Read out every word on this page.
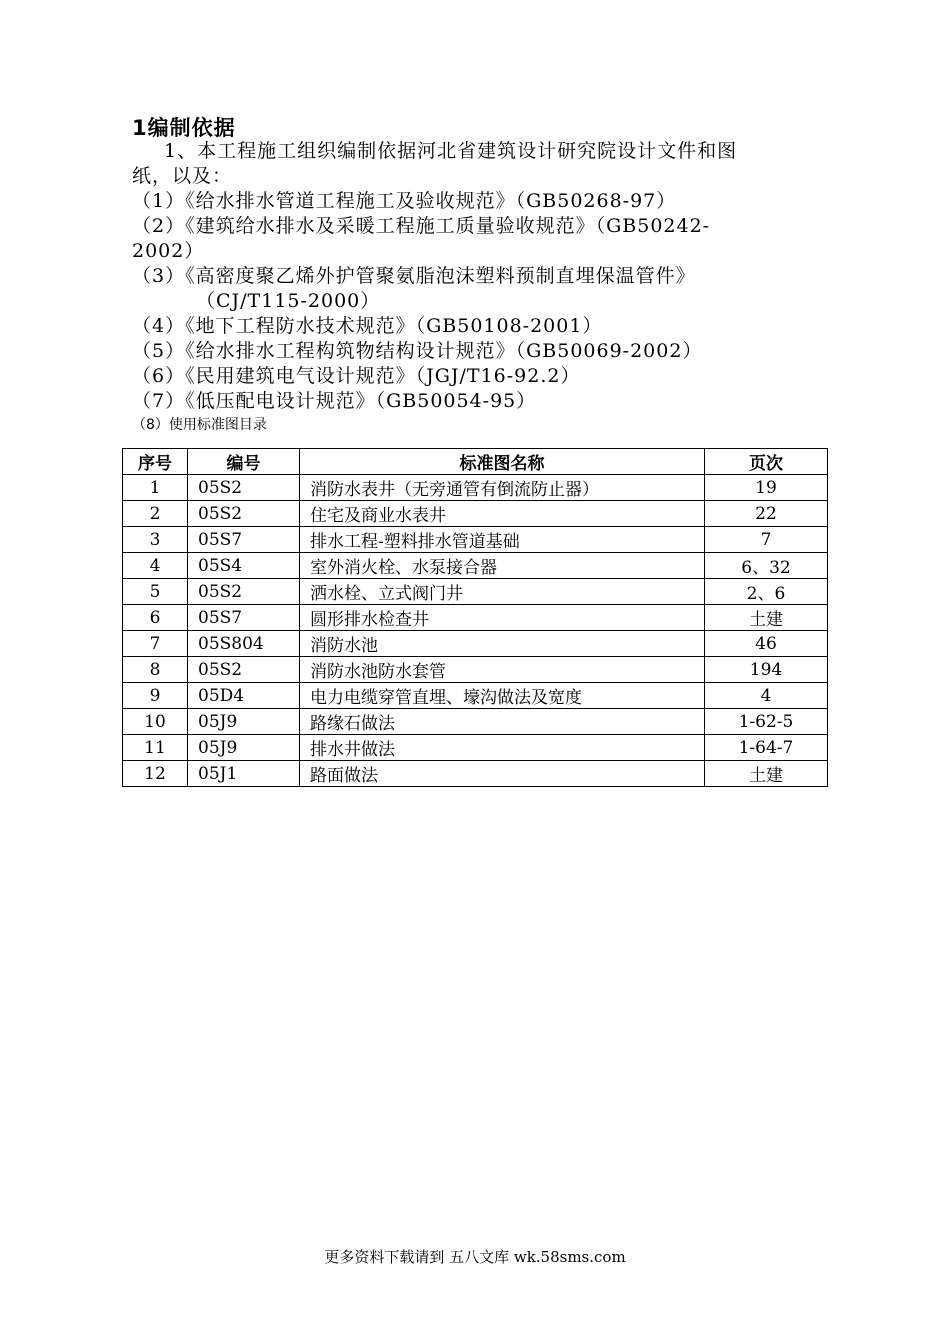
1编制依据
1、本工程施工组织编制依据河北省建筑设计研究院设计文件和图
纸，以及：
（1）《给水排水管道工程施工及验收规范》（GB50268-97）
（2）《建筑给水排水及采暖工程施工质量验收规范》（GB50242-
2002）
（3）《高密度聚乙烯外护管聚氨脂泡沫塑料预制直埋保温管件》
（CJ/T115-2000）
（4）《地下工程防水技术规范》（GB50108-2001）
（5）《给水排水工程构筑物结构设计规范》（GB50069-2002）
（6）《民用建筑电气设计规范》（JGJ/T16-92.2）
（7）《低压配电设计规范》（GB50054-95）
（8）使用标准图目录
序号	编号	标准图名称	页次
1	05S2	消防水表井（无旁通管有倒流防止器）	19
2	05S2	住宅及商业水表井	22
3	05S7	排水工程-塑料排水管道基础	7
4	05S4	室外消火栓、水泵接合器	6、32
5	05S2	洒水栓、立式阀门井	2、6
6	05S7	圆形排水检查井	土建
7	05S804	消防水池	46
8	05S2	消防水池防水套管	194
9	05D4	电力电缆穿管直埋、壕沟做法及宽度	4
10	05J9	路缘石做法	1-62-5
11	05J9	排水井做法	1-64-7
12	05J1	路面做法	土建
更多资料下载请到 五八文库 wk.58sms.com
